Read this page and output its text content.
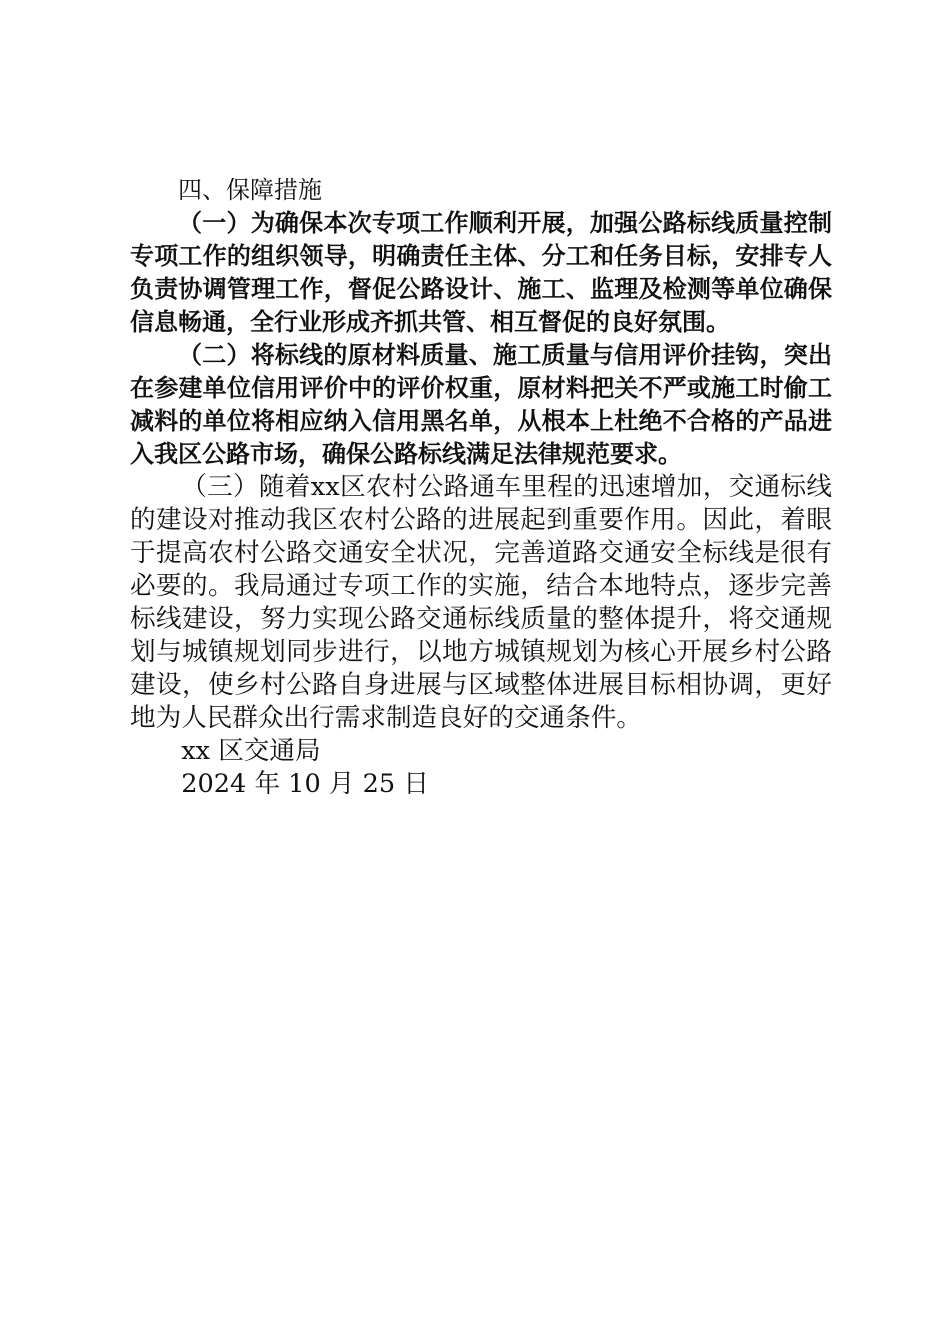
四、保障措施

（一）为确保本次专项工作顺利开展，加强公路标线质量控制专项工作的组织领导，明确责任主体、分工和任务目标，安排专人负责协调管理工作，督促公路设计、施工、监理及检测等单位确保信息畅通，全行业形成齐抓共管、相互督促的良好氛围。

（二）将标线的原材料质量、施工质量与信用评价挂钩，突出在参建单位信用评价中的评价权重，原材料把关不严或施工时偷工减料的单位将相应纳入信用黑名单，从根本上杜绝不合格的产品进入我区公路市场，确保公路标线满足法律规范要求。

（三）随着xx区农村公路通车里程的迅速增加，交通标线的建设对推动我区农村公路的进展起到重要作用。因此，着眼于提高农村公路交通安全状况，完善道路交通安全标线是很有必要的。我局通过专项工作的实施，结合本地特点，逐步完善标线建设，努力实现公路交通标线质量的整体提升，将交通规划与城镇规划同步进行，以地方城镇规划为核心开展乡村公路建设，使乡村公路自身进展与区域整体进展目标相协调，更好地为人民群众出行需求制造良好的交通条件。

xx 区交通局

2024 年 10 月 25 日
